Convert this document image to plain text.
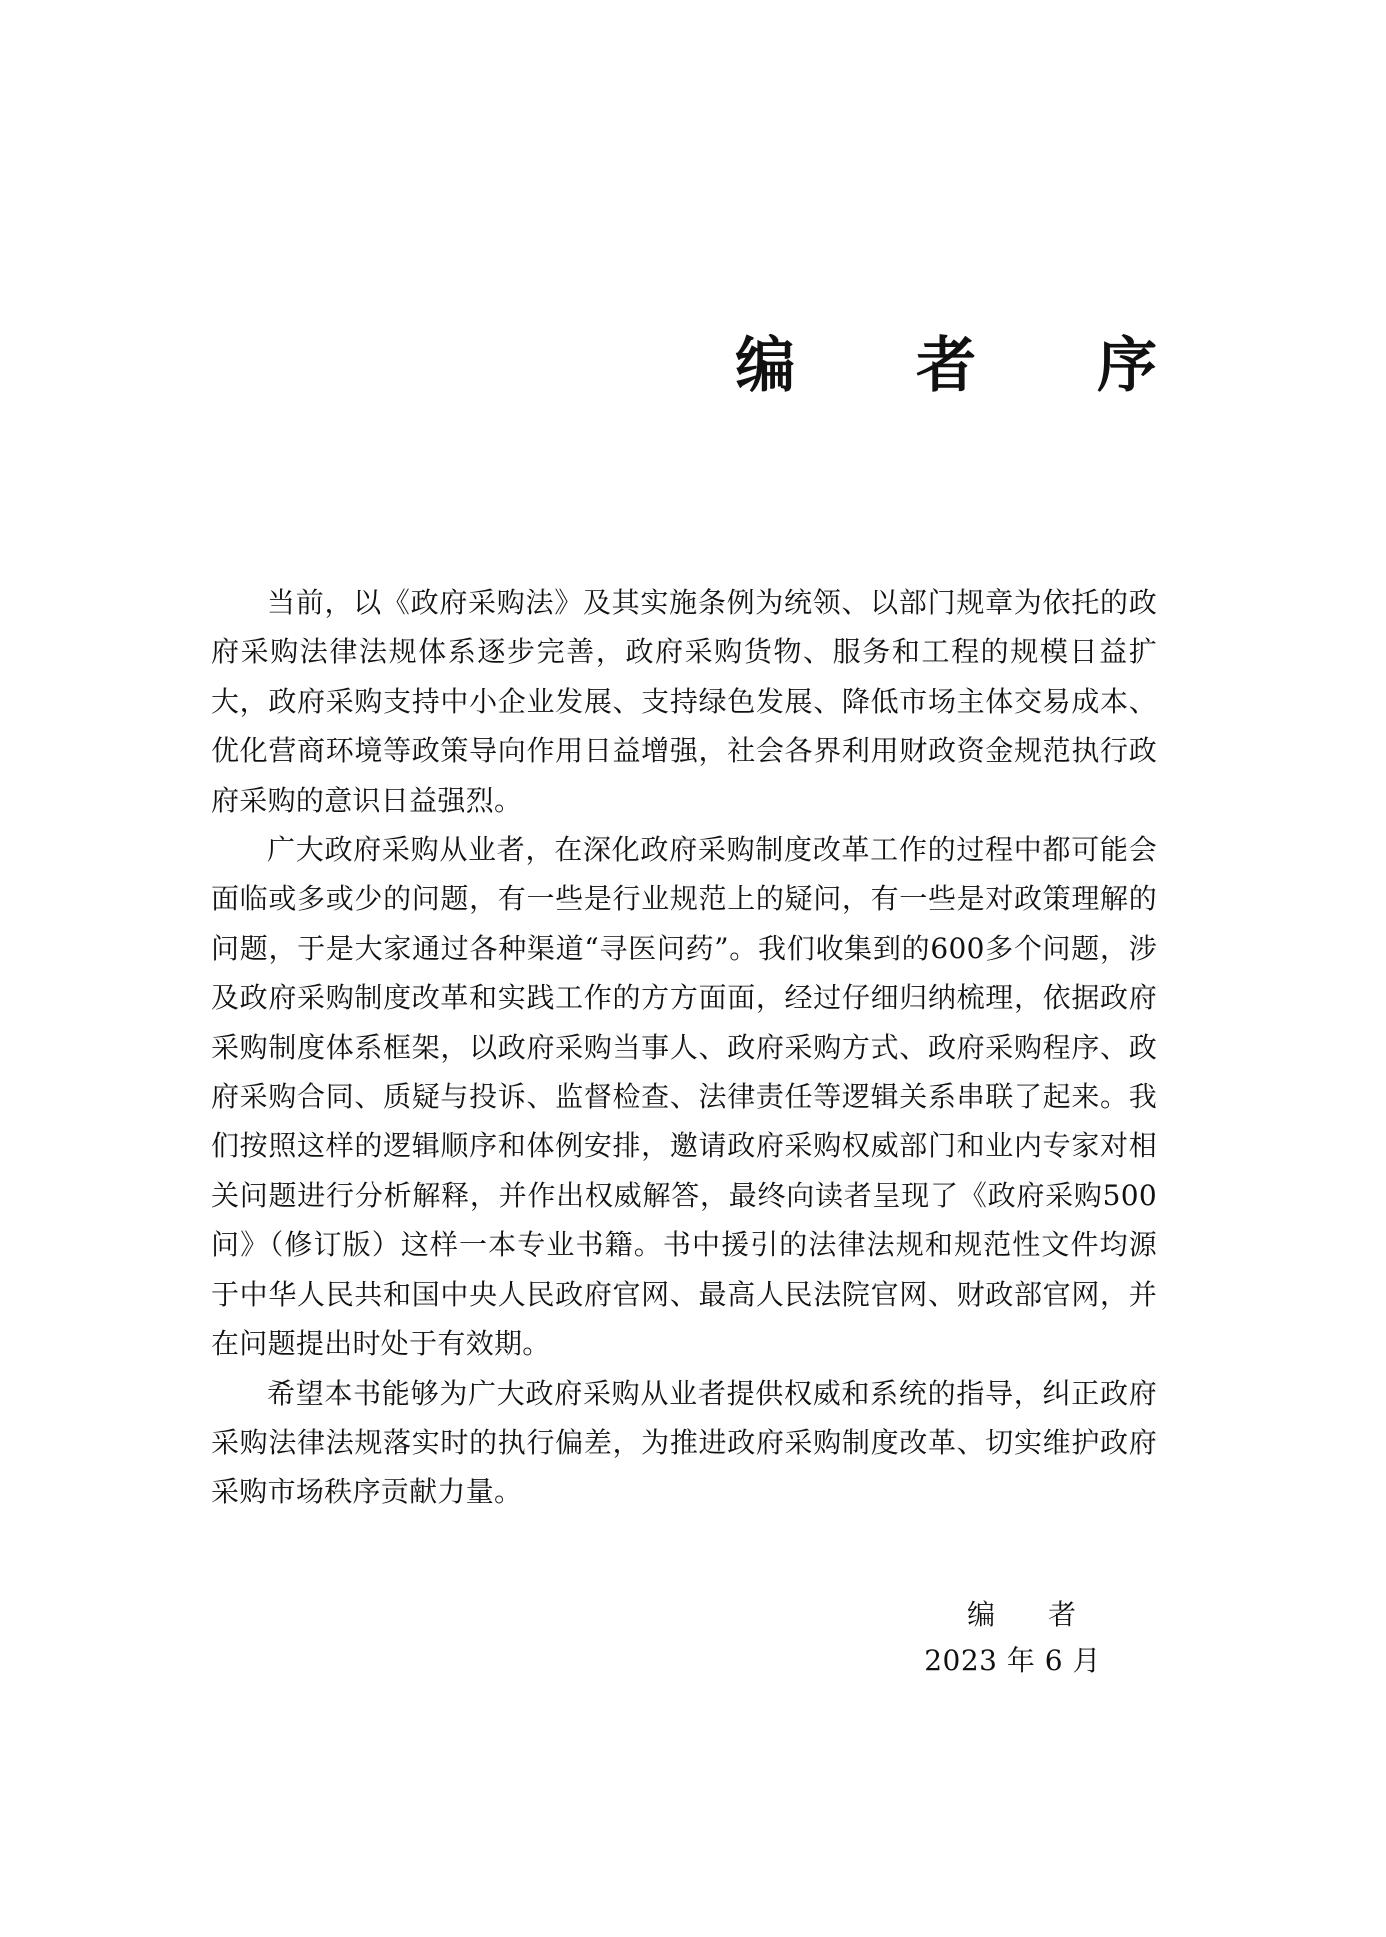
编 者 序

当前，以《政府采购法》及其实施条例为统领、以部门规章为依托的政府采购法律法规体系逐步完善，政府采购货物、服务和工程的规模日益扩大，政府采购支持中小企业发展、支持绿色发展、降低市场主体交易成本、优化营商环境等政策导向作用日益增强，社会各界利用财政资金规范执行政府采购的意识日益强烈。

广大政府采购从业者，在深化政府采购制度改革工作的过程中都可能会面临或多或少的问题，有一些是行业规范上的疑问，有一些是对政策理解的问题，于是大家通过各种渠道“寻医问药”。我们收集到的600多个问题，涉及政府采购制度改革和实践工作的方方面面，经过仔细归纳梳理，依据政府采购制度体系框架，以政府采购当事人、政府采购方式、政府采购程序、政府采购合同、质疑与投诉、监督检查、法律责任等逻辑关系串联了起来。我们按照这样的逻辑顺序和体例安排，邀请政府采购权威部门和业内专家对相关问题进行分析解释，并作出权威解答，最终向读者呈现了《政府采购500问》（修订版）这样一本专业书籍。书中援引的法律法规和规范性文件均源于中华人民共和国中央人民政府官网、最高人民法院官网、财政部官网，并在问题提出时处于有效期。

希望本书能够为广大政府采购从业者提供权威和系统的指导，纠正政府采购法律法规落实时的执行偏差，为推进政府采购制度改革、切实维护政府采购市场秩序贡献力量。

编 者
2023 年 6 月
